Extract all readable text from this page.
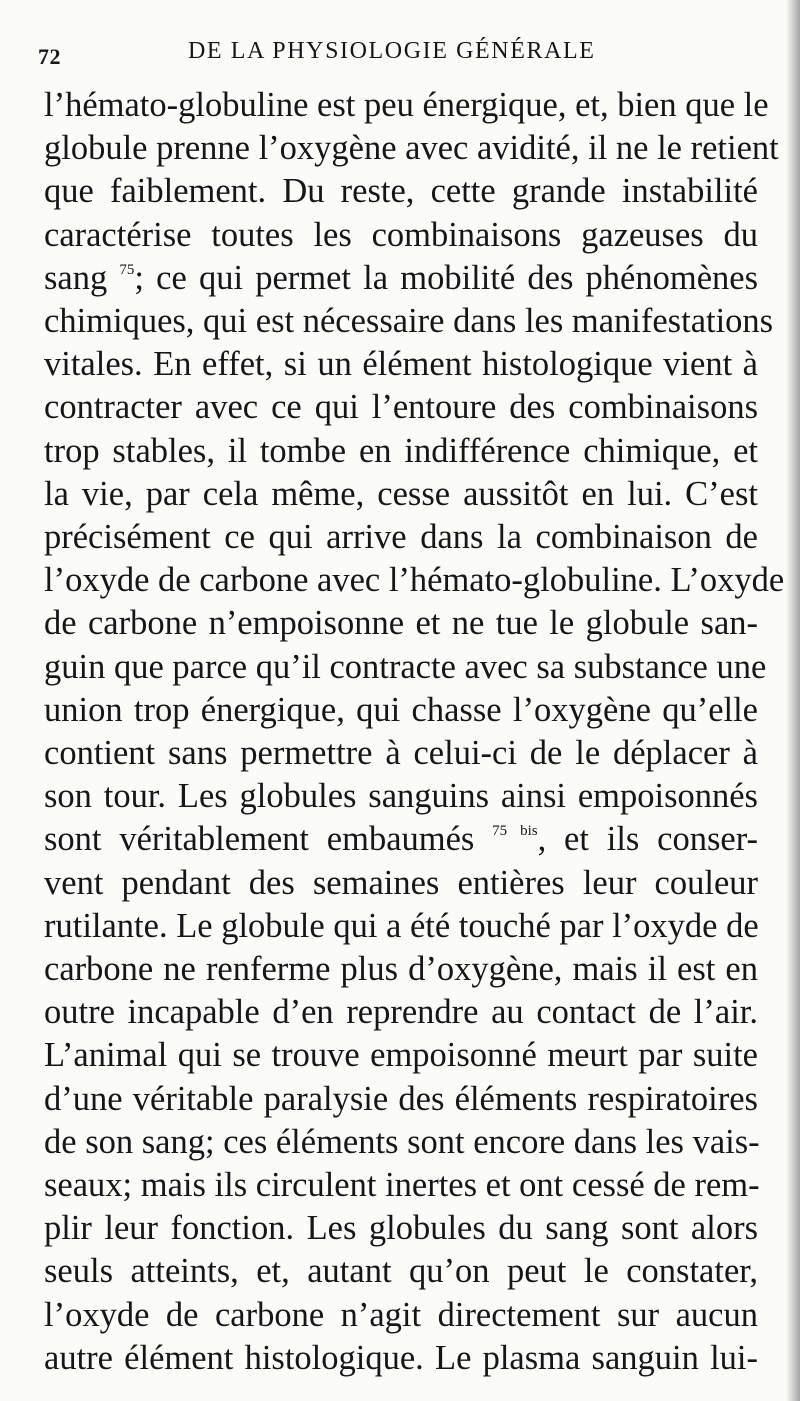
72	DE LA PHYSIOLOGIE GÉNÉRALE
l’hémato-globuline est peu énergique, et, bien que le
globule prenne l’oxygène avec avidité, il ne le retient
que faiblement. Du reste, cette grande instabilité
caractérise toutes les combinaisons gazeuses du
sang $^{75}$; ce qui permet la mobilité des phénomènes
chimiques, qui est nécessaire dans les manifestations
vitales. En effet, si un élément histologique vient à
contracter avec ce qui l’entoure des combinaisons
trop stables, il tombe en indifférence chimique, et
la vie, par cela même, cesse aussitôt en lui. C’est
précisément ce qui arrive dans la combinaison de
l’oxyde de carbone avec l’hémato-globuline. L’oxyde
de carbone n’empoisonne et ne tue le globule san-
guin que parce qu’il contracte avec sa substance une
union trop énergique, qui chasse l’oxygène qu’elle
contient sans permettre à celui-ci de le déplacer à
son tour. Les globules sanguins ainsi empoisonnés
sont véritablement embaumés $^{75 bis}$, et ils conser-
vent pendant des semaines entières leur couleur
rutilante. Le globule qui a été touché par l’oxyde de
carbone ne renferme plus d’oxygène, mais il est en
outre incapable d’en reprendre au contact de l’air.
L’animal qui se trouve empoisonné meurt par suite
d’une véritable paralysie des éléments respiratoires
de son sang; ces éléments sont encore dans les vais-
seaux; mais ils circulent inertes et ont cessé de rem-
plir leur fonction. Les globules du sang sont alors
seuls atteints, et, autant qu’on peut le constater,
l’oxyde de carbone n’agit directement sur aucun
autre élément histologique. Le plasma sanguin lui-
